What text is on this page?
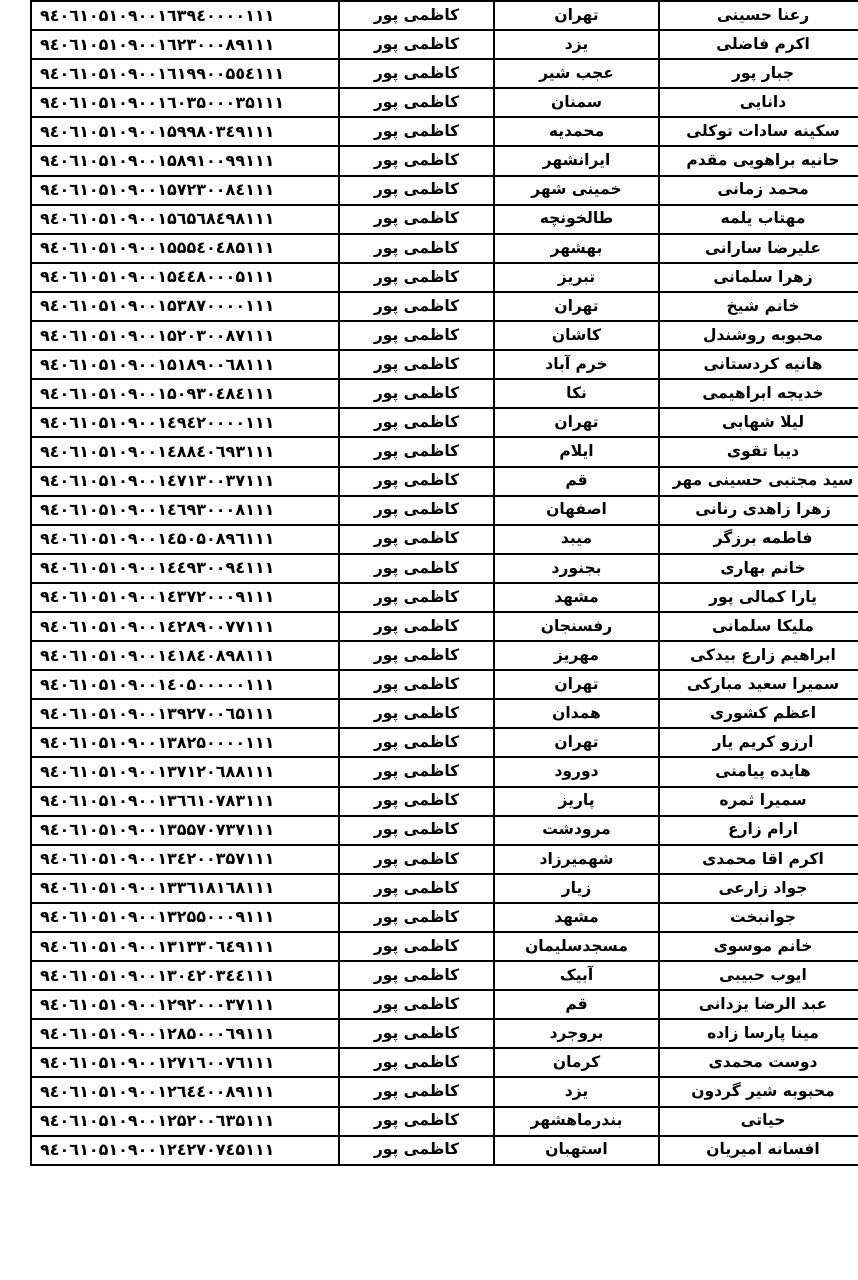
۹٤۰٦۱۰۵۱۰۹۰۰۱٦۳۹٤۰۰۰۰۱۱۱	کاظمی پور	تهران	رعنا حسینی
۹٤۰٦۱۰۵۱۰۹۰۰۱٦۲۳۰۰۰۸۹۱۱۱	کاظمی پور	یزد	اکرم فاضلی
۹٤۰٦۱۰۵۱۰۹۰۰۱٦۱۹۹۰۰۵٥٤۱۱۱	کاظمی پور	عجب شیر	جبار پور
۹٤۰٦۱۰۵۱۰۹۰۰۱٦۰۳۵۰۰۰۳۵۱۱۱	کاظمی پور	سمنان	دانایی
۹٤۰٦۱۰۵۱۰۹۰۰۱۵۹۹۸۰۳٤۹۱۱۱	کاظمی پور	محمدیه	سکینه سادات توکلی
۹٤۰٦۱۰۵۱۰۹۰۰۱۵۸۹۱۰۰۹۹۱۱۱	کاظمی پور	ایرانشهر	حانیه براهویی مقدم
۹٤۰٦۱۰۵۱۰۹۰۰۱۵۷۲۳۰۰۸٤۱۱۱	کاظمی پور	خمینی شهر	محمد زمانی
۹٤۰٦۱۰۵۱۰۹۰۰۱۵٦۵٦۸٤۹۸۱۱۱	کاظمی پور	طالخونچه	مهتاب یلمه
۹٤۰٦۱۰۵۱۰۹۰۰۱۵۵۵٤۰٤۸۵۱۱۱	کاظمی پور	بهشهر	علیرضا سارانی
۹٤۰٦۱۰۵۱۰۹۰۰۱۵٤٤۸۰۰۰۵۱۱۱	کاظمی پور	تبریز	زهرا سلمانی
۹٤۰٦۱۰۵۱۰۹۰۰۱۵۳۸۷۰۰۰۰۱۱۱	کاظمی پور	تهران	خانم شیخ
۹٤۰٦۱۰۵۱۰۹۰۰۱۵۲۰۳۰۰۸۷۱۱۱	کاظمی پور	کاشان	محبوبه روشندل
۹٤۰٦۱۰۵۱۰۹۰۰۱۵۱۸۹۰۰٦۸۱۱۱	کاظمی پور	خرم آباد	هانیه کردستانی
۹٤۰٦۱۰۵۱۰۹۰۰۱۵۰۹۳۰٤۸٤۱۱۱	کاظمی پور	نکا	خدیجه ابراهیمی
۹٤۰٦۱۰۵۱۰۹۰۰۱٤۹٤۲۰۰۰۰۱۱۱	کاظمی پور	تهران	لیلا شهابی
۹٤۰٦۱۰۵۱۰۹۰۰۱٤۸۸٤۰٦۹۳۱۱۱	کاظمی پور	ایلام	دیبا تقوی
۹٤۰٦۱۰۵۱۰۹۰۰۱٤۷۱۳۰۰۳۷۱۱۱	کاظمی پور	قم	سید مجتبی حسینی مهر
۹٤۰٦۱۰۵۱۰۹۰۰۱٤٦۹۳۰۰۰۸۱۱۱	کاظمی پور	اصفهان	زهرا زاهدی رنانی
۹٤۰٦۱۰۵۱۰۹۰۰۱٤۵۰۵۰۸۹٦۱۱۱	کاظمی پور	میبد	فاطمه برزگر
۹٤۰٦۱۰۵۱۰۹۰۰۱٤٤۹۳۰۰۹٤۱۱۱	کاظمی پور	بجنورد	خانم بهاری
۹٤۰٦۱۰۵۱۰۹۰۰۱٤۳۷۲۰۰۰۹۱۱۱	کاظمی پور	مشهد	یارا کمالی پور
۹٤۰٦۱۰۵۱۰۹۰۰۱٤۲۸۹۰۰۷۷۱۱۱	کاظمی پور	رفسنجان	ملیکا سلمانی
۹٤۰٦۱۰۵۱۰۹۰۰۱٤۱۸٤۰۸۹۸۱۱۱	کاظمی پور	مهریز	ابراهیم زارع بیدکی
۹٤۰٦۱۰۵۱۰۹۰۰۱٤۰۵۰۰۰۰۰۱۱۱	کاظمی پور	تهران	سمیرا سعید مبارکی
۹٤۰٦۱۰۵۱۰۹۰۰۱۳۹۲۷۰۰٦۵۱۱۱	کاظمی پور	همدان	اعظم کشوری
۹٤۰٦۱۰۵۱۰۹۰۰۱۳۸۲۵۰۰۰۰۱۱۱	کاظمی پور	تهران	ارزو کریم یار
۹٤۰٦۱۰۵۱۰۹۰۰۱۳۷۱۲۰٦۸۸۱۱۱	کاظمی پور	دورود	هایده پیامنی
۹٤۰٦۱۰۵۱۰۹۰۰۱۳٦٦۱۰۷۸۳۱۱۱	کاظمی پور	پاریز	سمیرا ثمره
۹٤۰٦۱۰۵۱۰۹۰۰۱۳۵۵۷۰۷۳۷۱۱۱	کاظمی پور	مرودشت	ارام زارع
۹٤۰٦۱۰۵۱۰۹۰۰۱۳٤۲۰۰۳۵۷۱۱۱	کاظمی پور	شهمیرزاد	اکرم اقا محمدی
۹٤۰٦۱۰۵۱۰۹۰۰۱۳۳٦۱۸۱٦۸۱۱۱	کاظمی پور	زیار	جواد زارعی
۹٤۰٦۱۰۵۱۰۹۰۰۱۳۲۵۵۰۰۰۹۱۱۱	کاظمی پور	مشهد	جوانبخت
۹٤۰٦۱۰۵۱۰۹۰۰۱۳۱۳۳۰٦٤۹۱۱۱	کاظمی پور	مسجدسلیمان	خانم موسوی
۹٤۰٦۱۰۵۱۰۹۰۰۱۳۰٤۲۰۳٤٤۱۱۱	کاظمی پور	آبیک	ایوب حبیبی
۹٤۰٦۱۰۵۱۰۹۰۰۱۲۹۲۰۰۰۳۷۱۱۱	کاظمی پور	قم	عبد الرضا یزدانی
۹٤۰٦۱۰۵۱۰۹۰۰۱۲۸۵۰۰۰٦۹۱۱۱	کاظمی پور	بروجرد	مینا پارسا زاده
۹٤۰٦۱۰۵۱۰۹۰۰۱۲۷۱٦۰۰۷٦۱۱۱	کاظمی پور	کرمان	دوست محمدی
۹٤۰٦۱۰۵۱۰۹۰۰۱۲٦٤٤۰۰۸۹۱۱۱	کاظمی پور	یزد	محبوبه شیر گردون
۹٤۰٦۱۰۵۱۰۹۰۰۱۲۵۲۰۰٦۳۵۱۱۱	کاظمی پور	بندرماهشهر	حیاتی
۹٤۰٦۱۰۵۱۰۹۰۰۱۲٤۲۷۰۷٤۵۱۱۱	کاظمی پور	استهبان	افسانه امیریان
